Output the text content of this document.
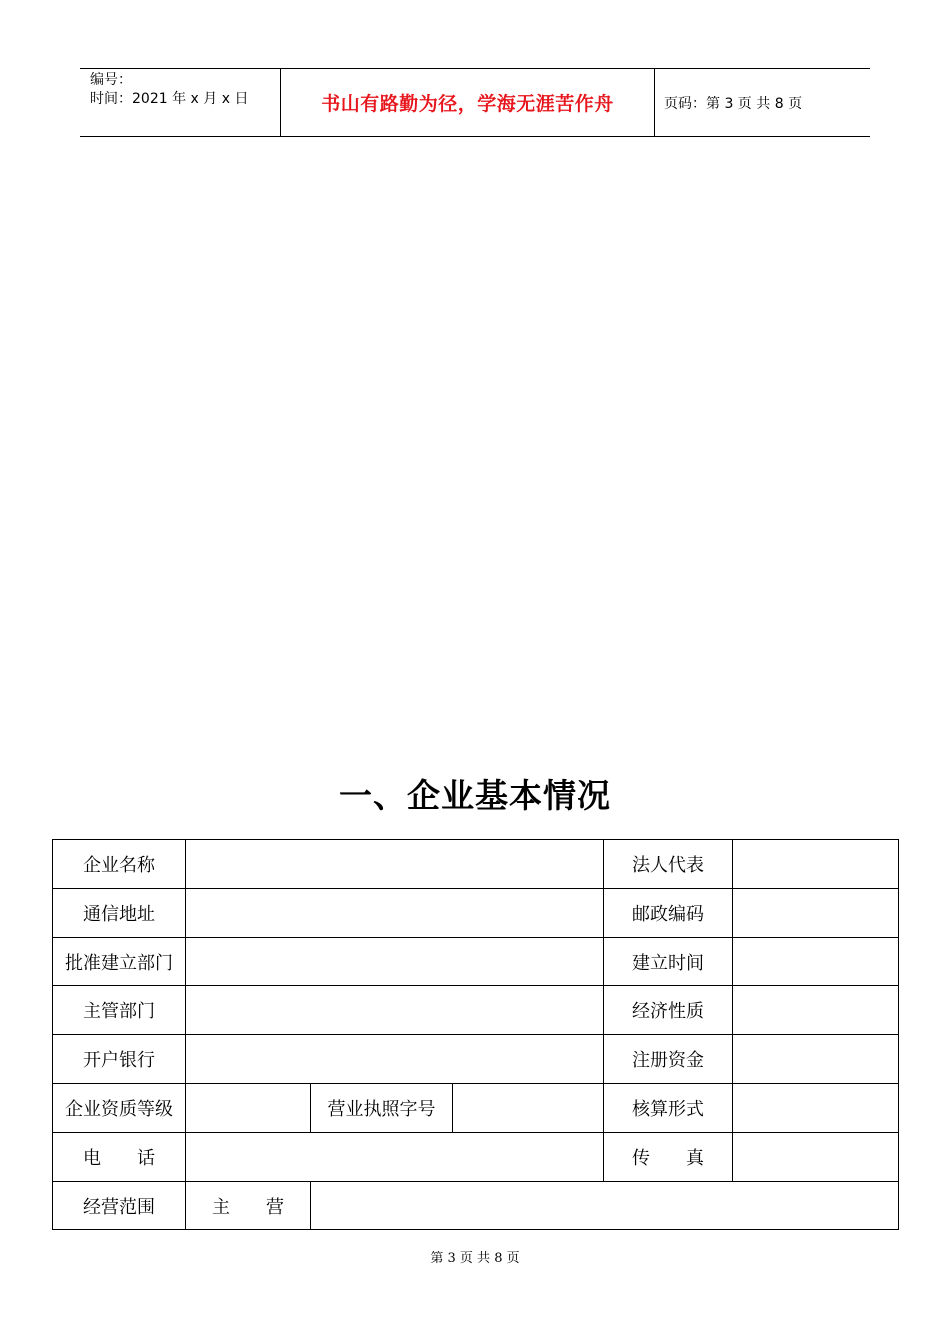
编号：
时间：2021 年 x 月 x 日	书山有路勤为径，学海无涯苦作舟	页码：第 3 页 共 8 页
一、企业基本情况
企业名称	法人代表
通信地址	邮政编码
批准建立部门	建立时间
主管部门	经济性质
开户银行	注册资金
企业资质等级	营业执照字号	核算形式
电　　话	传　　真
经营范围	主　　营
第 3 页 共 8 页
